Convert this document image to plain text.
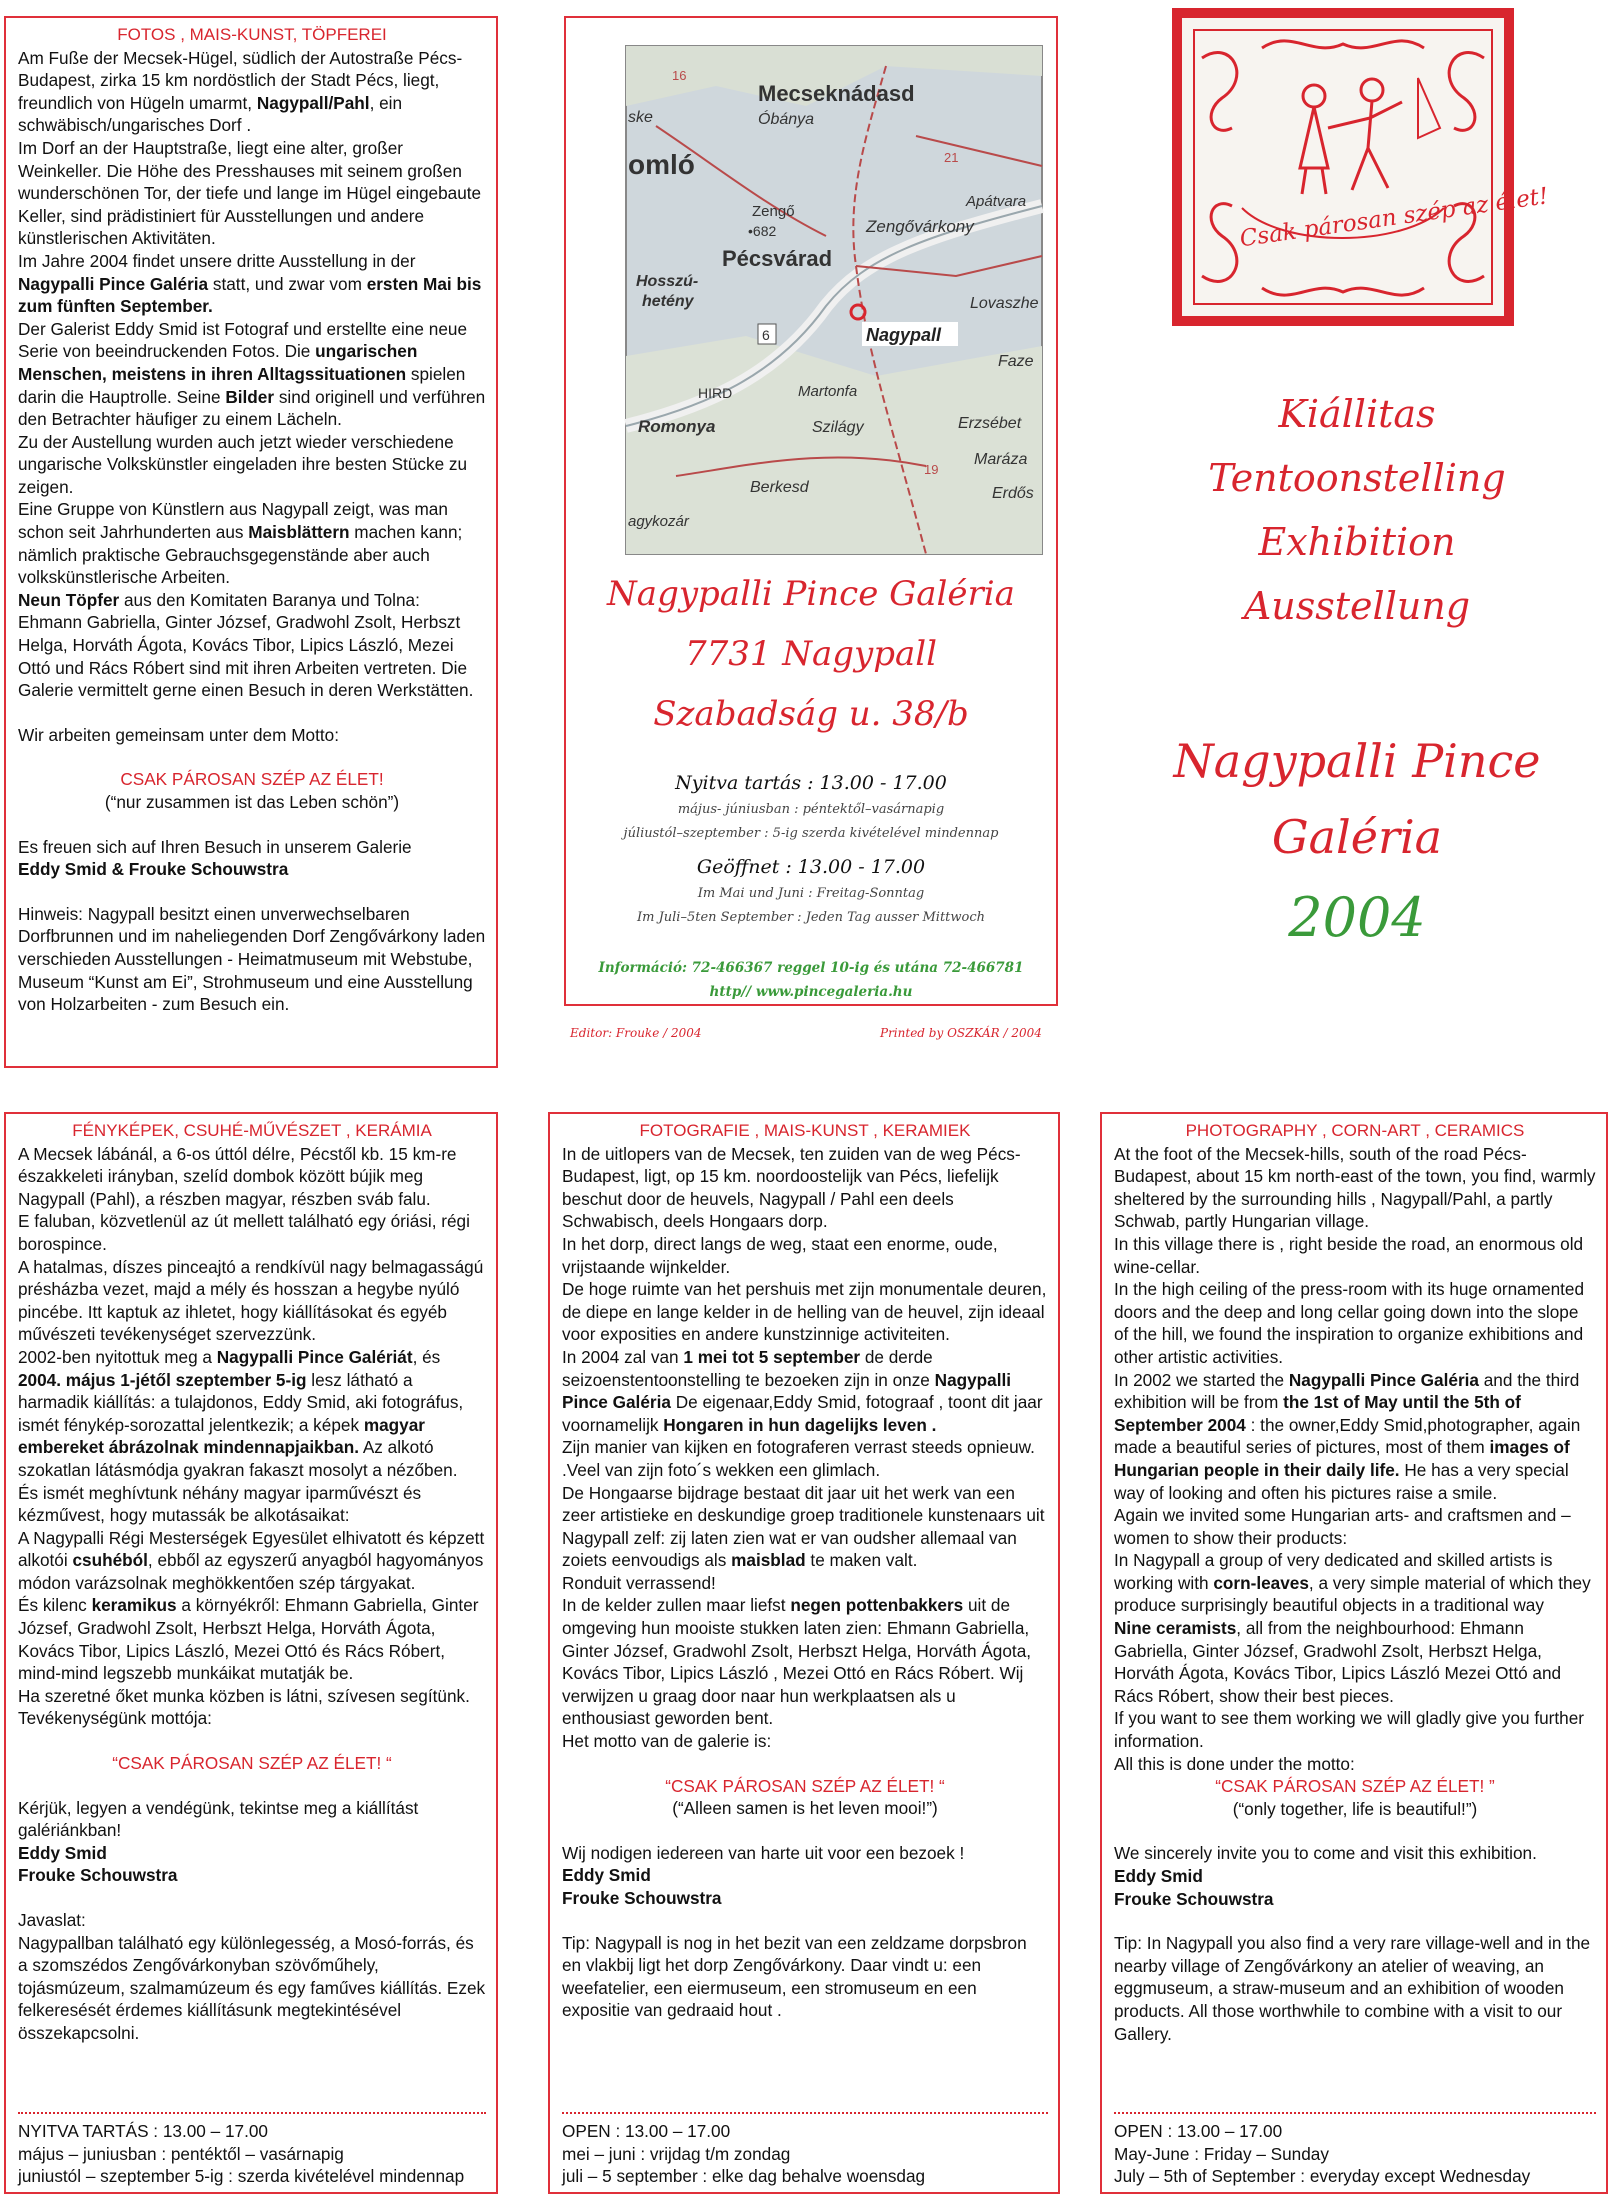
FOTOS , MAIS-KUNST, TÖPFEREI

Am Fuße der Mecsek-Hügel, südlich der Autostraße Pécs-Budapest, zirka 15 km nordöstlich der Stadt Pécs, liegt, freundlich von Hügeln umarmt, Nagypall/Pahl, ein schwäbisch/ungarisches Dorf .

Im Dorf an der Hauptstraße, liegt eine alter, großer Weinkeller. Die Höhe des Presshauses mit seinem großen wunderschönen Tor, der tiefe und lange im Hügel eingebaute Keller, sind prädistiniert für Ausstellungen und andere künstlerischen Aktivitäten.

Im Jahre 2004 findet unsere dritte Ausstellung in der Nagypalli Pince Galéria statt, und zwar vom ersten Mai bis zum fünften September.

Der Galerist Eddy Smid ist Fotograf und erstellte eine neue Serie von beeindruckenden Fotos. Die ungarischen Menschen, meistens in ihren Alltagssituationen spielen darin die Hauptrolle. Seine Bilder sind originell und verführen den Betrachter häufiger zu einem Lächeln.

Zu der Austellung wurden auch jetzt wieder verschiedene ungarische Volkskünstler eingeladen ihre besten Stücke zu zeigen.

Eine Gruppe von Künstlern aus Nagypall zeigt, was man schon seit Jahrhunderten aus Maisblättern machen kann; nämlich praktische Gebrauchsgegenstände aber auch volkskünstlerische Arbeiten.

Neun Töpfer aus den Komitaten Baranya und Tolna: Ehmann Gabriella, Ginter József, Gradwohl Zsolt, Herbszt Helga, Horváth Ágota, Kovács Tibor, Lipics László, Mezei Ottó und Rács Róbert sind mit ihren Arbeiten vertreten. Die Galerie vermittelt gerne einen Besuch in deren Werkstätten.

Wir arbeiten gemeinsam unter dem Motto:

CSAK PÁROSAN SZÉP AZ ÉLET!

(“nur zusammen ist das Leben schön”)

Es freuen sich auf Ihren Besuch in unserem Galerie

Eddy Smid & Frouke Schouwstra

Hinweis: Nagypall besitzt einen unverwechselbaren Dorfbrunnen und im naheliegenden Dorf Zengővárkony laden verschieden Ausstellungen - Heimatmuseum mit Webstube, Museum “Kunst am Ei”, Strohmuseum und eine Ausstellung von Holzarbeiten - zum Besuch ein.

Mecseknádasd
Óbánya
omló
Zengő
•682	Zengővárkony
Apátvara
Pécsvárad
Hosszú-
hetény	Lovaszhe
Nagypall
HIRD	Martonfa
Faze
Romonya	Szilágy	Erzsébet
Maráza
Berkesd	Erdős
agykozár
ske
16
21
6
19
Nagypalli Pince Galéria
7731 Nagypall
Szabadság u. 38/b
Nyitva tartás : 13.00 - 17.00
május- júniusban : péntektől–vasárnapig
júliustól–szeptember : 5-ig szerda kivételével mindennap
Geöffnet : 13.00 - 17.00
Im Mai und Juni : Freitag-Sonntag
Im Juli–5ten September : Jeden Tag ausser Mittwoch
Információ: 72-466367 reggel 10-ig és utána 72-466781
http// www.pincegaleria.hu
Editor: Frouke / 2004	Printed by OSZKÁR / 2004
Csak párosan szép az élet!
Kiállitas
Tentoonstelling
Exhibition
Ausstellung
Nagypalli Pince
Galéria
2004

FÉNYKÉPEK, CSUHÉ-MŰVÉSZET , KERÁMIA

A Mecsek lábánál, a 6-os úttól délre, Pécstől kb. 15 km-re északkeleti irányban, szelíd dombok között bújik meg Nagypall (Pahl), a részben magyar, részben sváb falu.

E faluban, közvetlenül az út mellett található egy óriási, régi borospince.

A hatalmas, díszes pinceajtó a rendkívül nagy belmagasságú présházba vezet, majd a mély és hosszan a hegybe nyúló pincébe. Itt kaptuk az ihletet, hogy kiállításokat és egyéb művészeti tevékenységet szervezzünk.

2002-ben nyitottuk meg a Nagypalli Pince Galériát, és 2004. május 1-jétől szeptember 5-ig lesz látható a harmadik kiállítás: a tulajdonos, Eddy Smid, aki fotográfus, ismét fénykép-sorozattal jelentkezik; a képek magyar embereket ábrázolnak mindennapjaikban. Az alkotó szokatlan látásmódja gyakran fakaszt mosolyt a nézőben.

És ismét meghívtunk néhány magyar iparművészt és kézművest, hogy mutassák be alkotásaikat:

A Nagypalli Régi Mesterségek Egyesület elhivatott és képzett alkotói csuhéból, ebből az egyszerű anyagból hagyományos módon varázsolnak meghökkentően szép tárgyakat.

És kilenc keramikus a környékről: Ehmann Gabriella, Ginter József, Gradwohl Zsolt, Herbszt Helga, Horváth Ágota, Kovács Tibor, Lipics László, Mezei Ottó és Rács Róbert, mind-mind legszebb munkáikat mutatják be.

Ha szeretné őket munka közben is látni, szívesen segítünk.

Tevékenységünk mottója:

“CSAK PÁROSAN SZÉP AZ ÉLET! “

Kérjük, legyen a vendégünk, tekintse meg a kiállítást galériánkban!

Eddy Smid

Frouke Schouwstra

Javaslat:

Nagypallban található egy különlegesség, a Mosó-forrás, és a szomszédos Zengővárkonyban szövőműhely, tojásmúzeum, szalmamúzeum és egy faműves kiállítás. Ezek felkeresését érdemes kiállításunk megtekintésével összekapcsolni.

NYITVA TARTÁS : 13.00 – 17.00

május – juniusban : pentéktől – vasárnapig

juniustól – szeptember 5-ig : szerda kivételével mindennap

FOTOGRAFIE , MAIS-KUNST , KERAMIEK

In de uitlopers van de Mecsek, ten zuiden van de weg Pécs-Budapest, ligt, op 15 km. noordoostelijk van Pécs, liefelijk beschut door de heuvels, Nagypall / Pahl een deels Schwabisch, deels Hongaars dorp.

In het dorp, direct langs de weg, staat een enorme, oude, vrijstaande wijnkelder.

De hoge ruimte van het pershuis met zijn monumentale deuren, de diepe en lange kelder in de helling van de heuvel, zijn ideaal voor exposities en andere kunstzinnige activiteiten.

In 2004 zal van 1 mei tot 5 september de derde seizoenstentoonstelling te bezoeken zijn in onze Nagypalli Pince Galéria De eigenaar,Eddy Smid, fotograaf , toont dit jaar voornamelijk Hongaren in hun dagelijks leven .

Zijn manier van kijken en fotograferen verrast steeds opnieuw. .Veel van zijn foto´s wekken een glimlach.

De Hongaarse bijdrage bestaat dit jaar uit het werk van een zeer artistieke en deskundige groep traditionele kunstenaars uit Nagypall zelf: zij laten zien wat er van oudsher allemaal van zoiets eenvoudigs als maisblad te maken valt.

Ronduit verrassend!

In de kelder zullen maar liefst negen pottenbakkers uit de omgeving hun mooiste stukken laten zien: Ehmann Gabriella, Ginter József, Gradwohl Zsolt, Herbszt Helga, Horváth Ágota, Kovács Tibor, Lipics László , Mezei Ottó en Rács Róbert. Wij verwijzen u graag door naar hun werkplaatsen als u enthousiast geworden bent.

Het motto van de galerie is:

“CSAK PÁROSAN SZÉP AZ ÉLET! “

(“Alleen samen is het leven mooi!”)

Wij nodigen iedereen van harte uit voor een bezoek !

Eddy Smid

Frouke Schouwstra

Tip: Nagypall is nog in het bezit van een zeldzame dorpsbron en vlakbij ligt het dorp Zengővárkony. Daar vindt u: een weefatelier, een eiermuseum, een stromuseum en een expositie van gedraaid hout .

OPEN : 13.00 – 17.00

mei – juni : vrijdag t/m zondag

juli – 5 september : elke dag behalve woensdag

PHOTOGRAPHY , CORN-ART , CERAMICS

At the foot of the Mecsek-hills, south of the road Pécs-Budapest, about 15 km north-east of the town, you find, warmly sheltered by the surrounding hills , Nagypall/Pahl, a partly Schwab, partly Hungarian village.

In this village there is , right beside the road, an enormous old wine-cellar.

In the high ceiling of the press-room with its huge ornamented doors and the deep and long cellar going down into the slope of the hill, we found the inspiration to organize exhibitions and other artistic activities.

In 2002 we started the Nagypalli Pince Galéria and the third exhibition will be from the 1st of May until the 5th of September 2004 : the owner,Eddy Smid,photographer, again made a beautiful series of pictures, most of them images of Hungarian people in their daily life. He has a very special way of looking and often his pictures raise a smile.

Again we invited some Hungarian arts- and craftsmen and – women to show their products:

In Nagypall a group of very dedicated and skilled artists is working with corn-leaves, a very simple material of which they produce surprisingly beautiful objects in a traditional way

Nine ceramists, all from the neighbourhood: Ehmann Gabriella, Ginter József, Gradwohl Zsolt, Herbszt Helga, Horváth Ágota, Kovács Tibor, Lipics László Mezei Ottó and Rács Róbert, show their best pieces.

If you want to see them working we will gladly give you further information.

All this is done under the motto:

“CSAK PÁROSAN SZÉP AZ ÉLET! ”

(“only together, life is beautiful!”)

We sincerely invite you to come and visit this exhibition.

Eddy Smid

Frouke Schouwstra

Tip: In Nagypall you also find a very rare village-well and in the nearby village of Zengővárkony an atelier of weaving, an eggmuseum, a straw-museum and an exhibition of wooden products. All those worthwhile to combine with a visit to our Gallery.

OPEN : 13.00 – 17.00

May-June : Friday – Sunday

July – 5th of September : everyday except Wednesday
